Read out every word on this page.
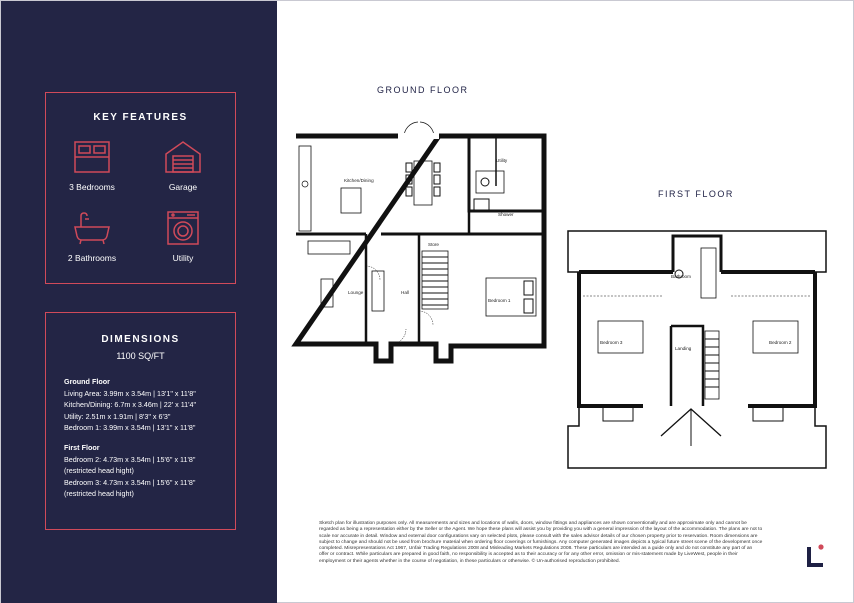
KEY FEATURES
3 Bedrooms	Garage
2 Bathrooms	Utility
DIMENSIONS
1100 SQ/FT
Ground Floor
Living Area: 3.99m x 3.54m | 13'1" x 11'8"
Kitchen/Dining: 6.7m x 3.46m | 22' x 11'4"
Utility: 2.51m x 1.91m | 8'3" x 6'3"
Bedroom 1: 3.99m x 3.54m | 13'1" x 11'8"
First Floor
Bedroom 2: 4.73m x 3.54m | 15'6" x 11'8"
(restricted head hight)
Bedroom 3: 4.73m x 3.54m | 15'6" x 11'8"
(restricted head hight)
GROUND FLOOR
FIRST FLOOR
Kitchen/Dining
Utility
Shower
Store
Lounge	Hall
Bedroom 1
Bathroom
Bedroom 3	Bedroom 2
Landing
Sketch plan for illustration purposes only. All measurements and sizes and locations of walls, doors, window fittings and appliances are shown conventionally and are approximate only and cannot be regarded as being a representation either by the Seller or the Agent. We hope these plans will assist you by providing you with a general impression of the layout of the accommodation. The plans are not to scale nor accurate in detail. Window and external door configurations vary on selected plots, please consult with the sales advisor details of our chosen property prior to reservation. Room dimensions are subject to change and should not be used from brochure material when ordering floor coverings or furnishings. Any computer generated images depicts a typical future street scene of the development once completed. Misrepresentations Act 1967, Unfair Trading Regulations 2008 and Misleading Markets Regulations 2008. These particulars are intended as a guide only and do not constitute any part of an offer or contract. While particulars are prepared in good faith, no responsibility is accepted as to their accuracy or for any other error, omission or mis-statement made by LiveWest, people in their employment or their agents whether in the course of negotiation, in these particulars or otherwise. © Un-authorised reproduction prohibited.
